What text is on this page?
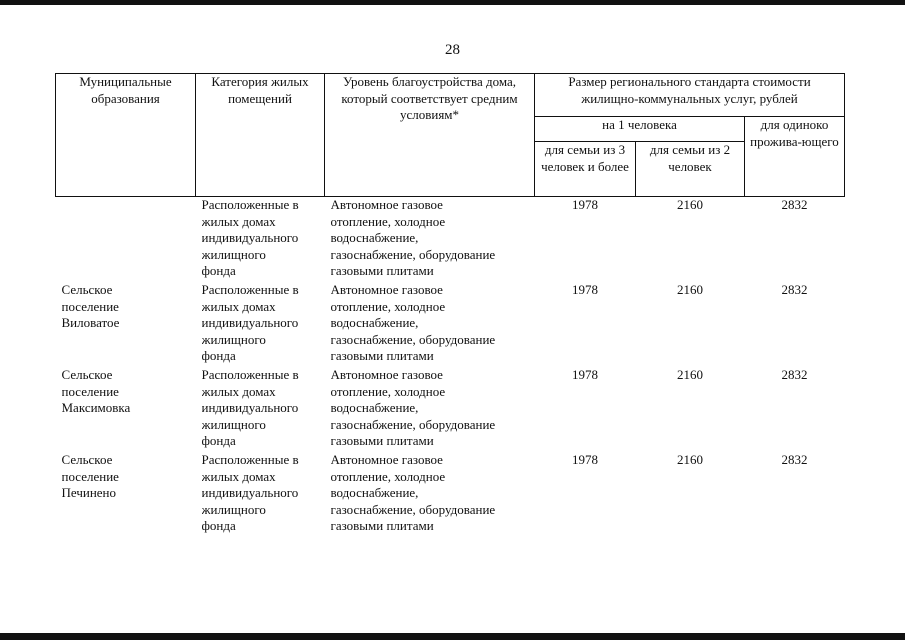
28
Муниципальные образования	Категория жилых помещений	Уровень благоустройства дома, который соответствует средним условиям*	Размер регионального стандарта стоимости жилищно-коммунальных услуг, рублей		
			на 1 человека		для одиноко прожива-ющего
			для семьи из 3 человек и более	для семьи из 2 человек	

	Расположенные в
жилых домах
индивидуального
жилищного
фонда	Автономное газовое
отопление, холодное
водоснабжение,
газоснабжение, оборудование
газовыми плитами	1978	2160	2832

Сельское
поселение
Виловатое	Расположенные в
жилых домах
индивидуального
жилищного
фонда	Автономное газовое
отопление, холодное
водоснабжение,
газоснабжение, оборудование
газовыми плитами	1978	2160	2832

Сельское
поселение
Максимовка	Расположенные в
жилых домах
индивидуального
жилищного
фонда	Автономное газовое
отопление, холодное
водоснабжение,
газоснабжение, оборудование
газовыми плитами	1978	2160	2832

Сельское
поселение
Печинено	Расположенные в
жилых домах
индивидуального
жилищного
фонда	Автономное газовое
отопление, холодное
водоснабжение,
газоснабжение, оборудование
газовыми плитами	1978	2160	2832
